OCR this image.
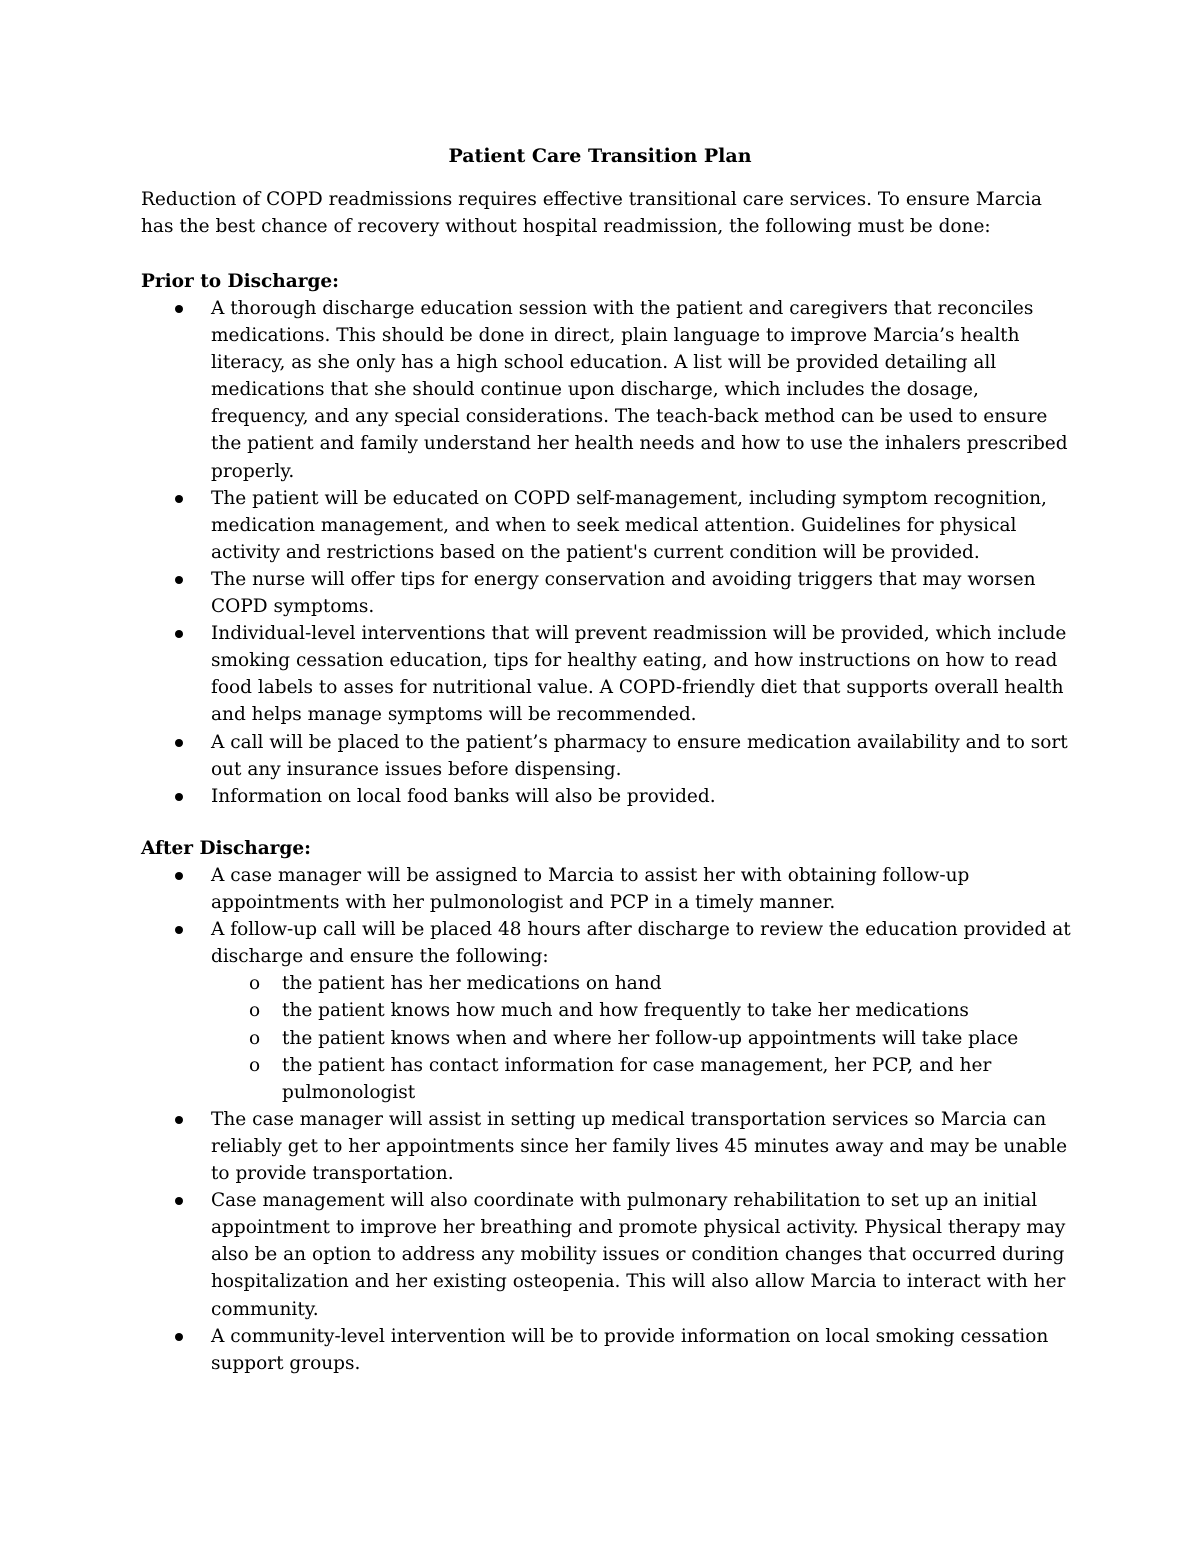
Patient Care Transition Plan

Reduction of COPD readmissions requires effective transitional care services. To ensure Marcia has the best chance of recovery without hospital readmission, the following must be done:

Prior to Discharge:
A thorough discharge education session with the patient and caregivers that reconciles medications. This should be done in direct, plain language to improve Marcia’s health literacy, as she only has a high school education. A list will be provided detailing all medications that she should continue upon discharge, which includes the dosage, frequency, and any special considerations. The teach-back method can be used to ensure the patient and family understand her health needs and how to use the inhalers prescribed properly.
The patient will be educated on COPD self-management, including symptom recognition, medication management, and when to seek medical attention. Guidelines for physical activity and restrictions based on the patient's current condition will be provided.
The nurse will offer tips for energy conservation and avoiding triggers that may worsen COPD symptoms.
Individual-level interventions that will prevent readmission will be provided, which include smoking cessation education, tips for healthy eating, and how instructions on how to read food labels to asses for nutritional value. A COPD-friendly diet that supports overall health and helps manage symptoms will be recommended.
A call will be placed to the patient’s pharmacy to ensure medication availability and to sort out any insurance issues before dispensing.
Information on local food banks will also be provided.
After Discharge:
A case manager will be assigned to Marcia to assist her with obtaining follow-up appointments with her pulmonologist and PCP in a timely manner.
A follow-up call will be placed 48 hours after discharge to review the education provided at discharge and ensure the following:
o the patient has her medications on hand
o the patient knows how much and how frequently to take her medications
o the patient knows when and where her follow-up appointments will take place
o the patient has contact information for case management, her PCP, and her pulmonologist
The case manager will assist in setting up medical transportation services so Marcia can reliably get to her appointments since her family lives 45 minutes away and may be unable to provide transportation.
Case management will also coordinate with pulmonary rehabilitation to set up an initial appointment to improve her breathing and promote physical activity. Physical therapy may also be an option to address any mobility issues or condition changes that occurred during hospitalization and her existing osteopenia. This will also allow Marcia to interact with her community.
A community-level intervention will be to provide information on local smoking cessation support groups.
